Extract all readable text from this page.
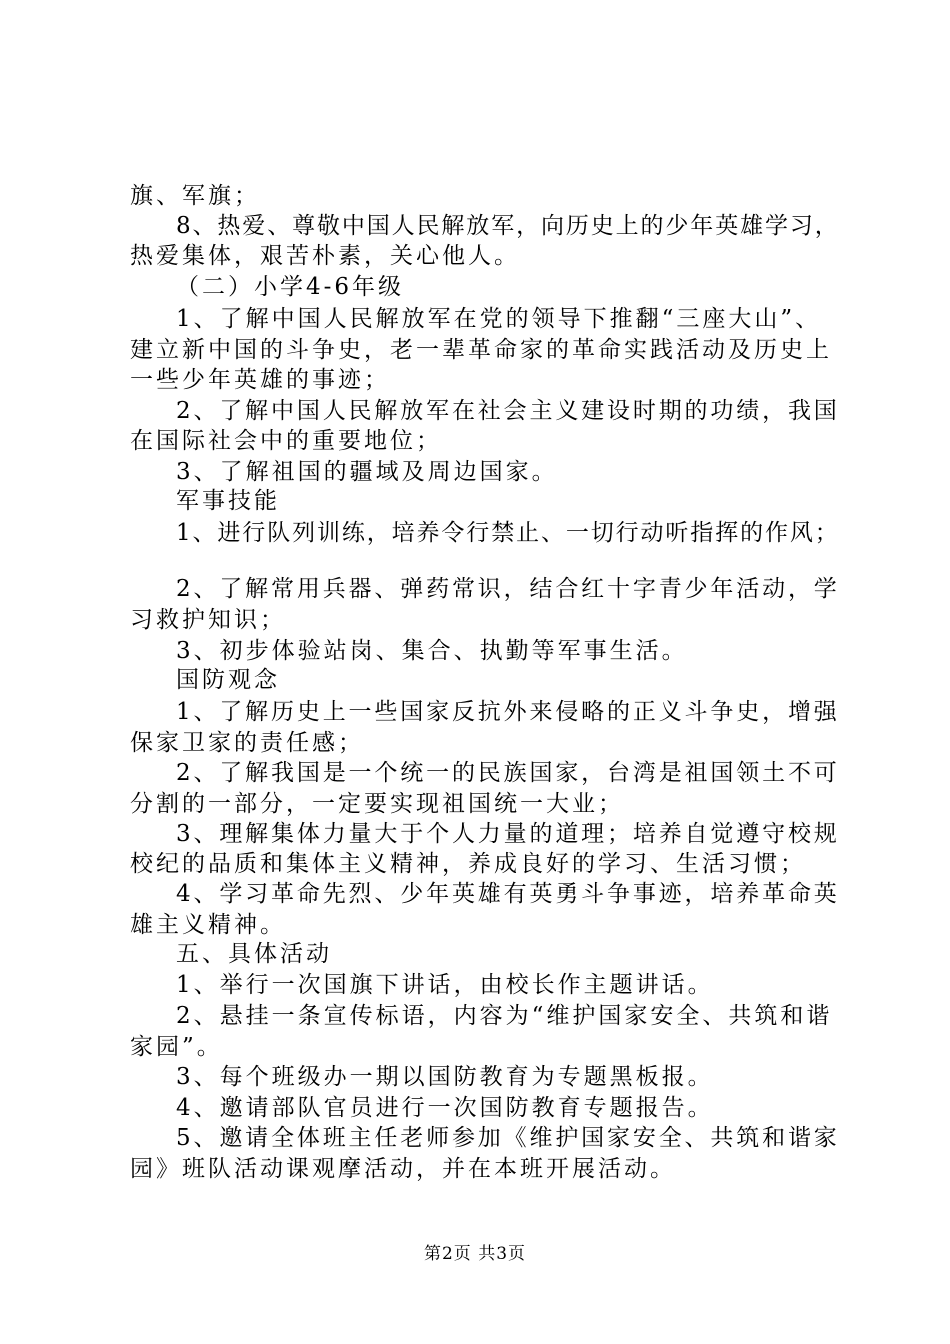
旗、军旗；
8、热爱、尊敬中国人民解放军，向历史上的少年英雄学习，
热爱集体，艰苦朴素，关心他人。
（二）小学4-6年级
1、了解中国人民解放军在党的领导下推翻“三座大山”、
建立新中国的斗争史，老一辈革命家的革命实践活动及历史上
一些少年英雄的事迹；
2、了解中国人民解放军在社会主义建设时期的功绩，我国
在国际社会中的重要地位；
3、了解祖国的疆域及周边国家。
军事技能
1、进行队列训练，培养令行禁止、一切行动听指挥的作风；
2、了解常用兵器、弹药常识，结合红十字青少年活动，学
习救护知识；
3、初步体验站岗、集合、执勤等军事生活。
国防观念
1、了解历史上一些国家反抗外来侵略的正义斗争史，增强
保家卫家的责任感；
2、了解我国是一个统一的民族国家，台湾是祖国领土不可
分割的一部分，一定要实现祖国统一大业；
3、理解集体力量大于个人力量的道理；培养自觉遵守校规
校纪的品质和集体主义精神，养成良好的学习、生活习惯；
4、学习革命先烈、少年英雄有英勇斗争事迹，培养革命英
雄主义精神。
五、具体活动
1、举行一次国旗下讲话，由校长作主题讲话。
2、悬挂一条宣传标语，内容为“维护国家安全、共筑和谐
家园”。
3、每个班级办一期以国防教育为专题黑板报。
4、邀请部队官员进行一次国防教育专题报告。
5、邀请全体班主任老师参加《维护国家安全、共筑和谐家
园》班队活动课观摩活动，并在本班开展活动。
第2页 共3页
